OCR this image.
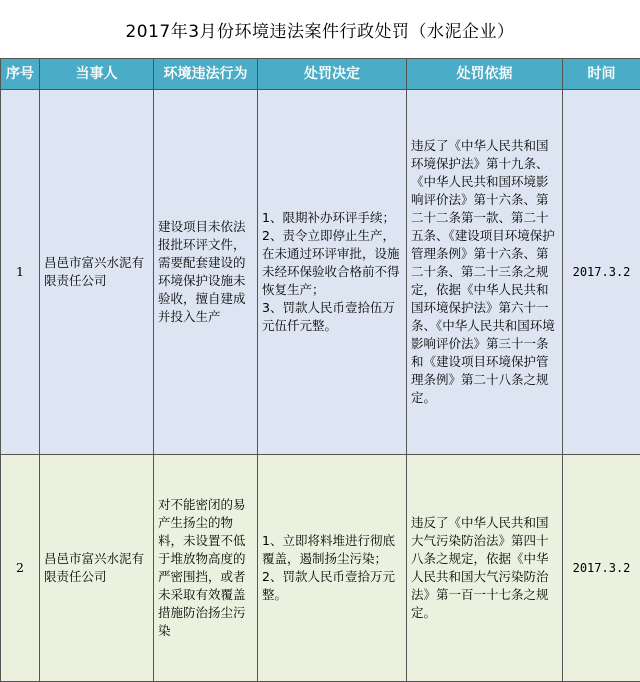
2017年3月份环境违法案件行政处罚（水泥企业）
序号	当事人	环境违法行为	处罚决定	处罚依据	时间
1	昌邑市富兴水泥有限责任公司	建设项目未依法报批环评文件，需要配套建设的环境保护设施未验收，擅自建成并投入生产	1、限期补办环评手续；
2、责令立即停止生产，在未通过环评审批，设施未经环保验收合格前不得恢复生产；
3、罚款人民币壹拾伍万元伍仟元整。	违反了《中华人民共和国环境保护法》第十九条、《中华人民共和国环境影响评价法》第十六条、第二十二条第一款、第二十五条、《建设项目环境保护管理条例》第十六条、第二十条、第二十三条之规定，依据《中华人民共和国环境保护法》第六十一条、《中华人民共和国环境影响评价法》第三十一条和《建设项目环境保护管理条例》第二十八条之规定。	2017.3.2
2	昌邑市富兴水泥有限责任公司	对不能密闭的易产生扬尘的物料，未设置不低于堆放物高度的严密围挡，或者未采取有效覆盖措施防治扬尘污染	1、立即将料堆进行彻底覆盖，遏制扬尘污染；
2、罚款人民币壹拾万元整。	违反了《中华人民共和国大气污染防治法》第四十八条之规定，依据《中华人民共和国大气污染防治法》第一百一十七条之规定。	2017.3.2
